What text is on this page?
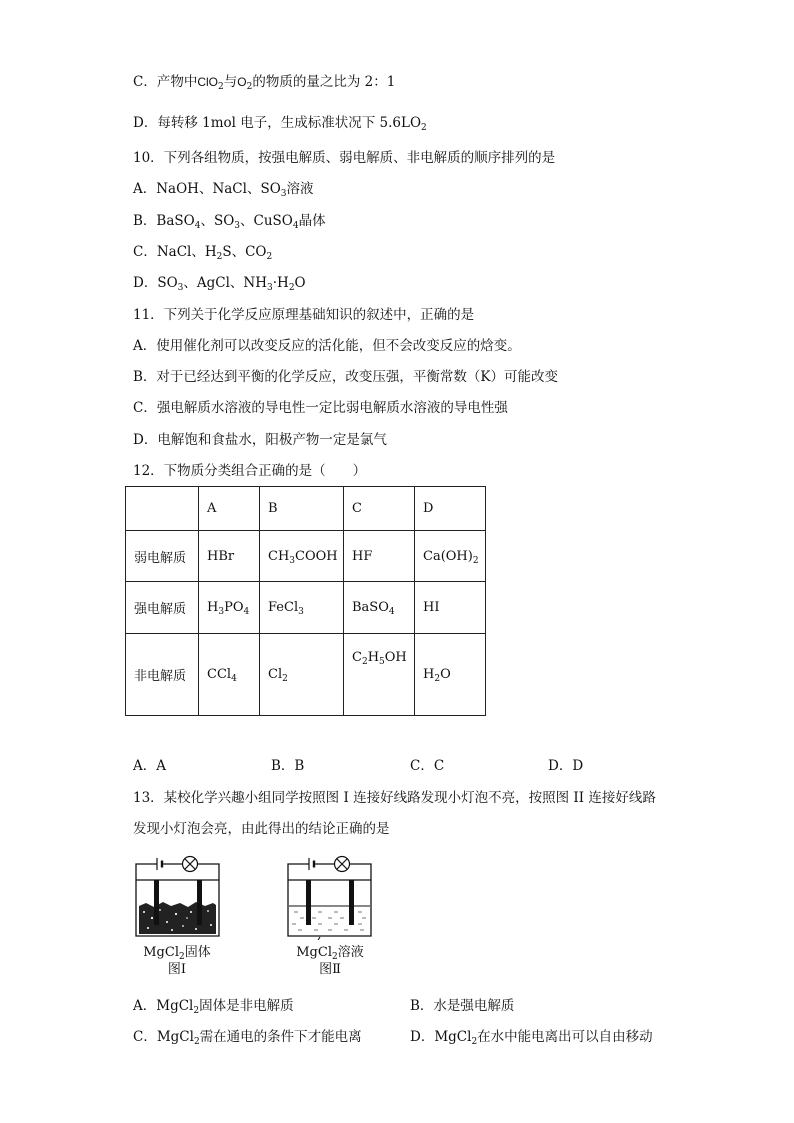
C．产物中ClO$_2$与$O_2$的物质的量之比为 2：1
D．每转移 1mol 电子，生成标准状况下 $5.6LO_2$
10．下列各组物质，按强电解质、弱电解质、非电解质的顺序排列的是
A．NaOH、NaCl、$SO_3$溶液
B．BaSO$_4$、$SO_3$、CuSO$_4$晶体
C．NaCl、$H_2S$、$CO_2$
D．$SO_3$、AgCl、$NH_3\cdot H_2O$
11．下列关于化学反应原理基础知识的叙述中，正确的是
A．使用催化剂可以改变反应的活化能，但不会改变反应的焓变。
B．对于已经达到平衡的化学反应，改变压强，平衡常数（K）可能改变
C．强电解质水溶液的导电性一定比弱电解质水溶液的导电性强
D．电解饱和食盐水，阳极产物一定是氯气
12．下物质分类组合正确的是（　　）
	A	B	C	D
弱电解质	HBr	$CH_3COOH$	HF	$Ca(OH)_2$
强电解质	$H_3PO_4$	FeCl$_3$	BaSO$_4$	HI
非电解质	CCl$_4$	$Cl_2$	$C_2H_5OH$	$H_2O$
A．A	B．B	C．C	D．D
13．某校化学兴趣小组同学按照图 I 连接好线路发现小灯泡不亮，按照图 II 连接好线路
发现小灯泡会亮，由此得出的结论正确的是
MgCl$_2$固体
图Ⅰ
MgCl$_2$溶液
图Ⅱ
A．MgCl$_2$固体是非电解质	B．水是强电解质
C．MgCl$_2$需在通电的条件下才能电离	D．MgCl$_2$在水中能电离出可以自由移动
